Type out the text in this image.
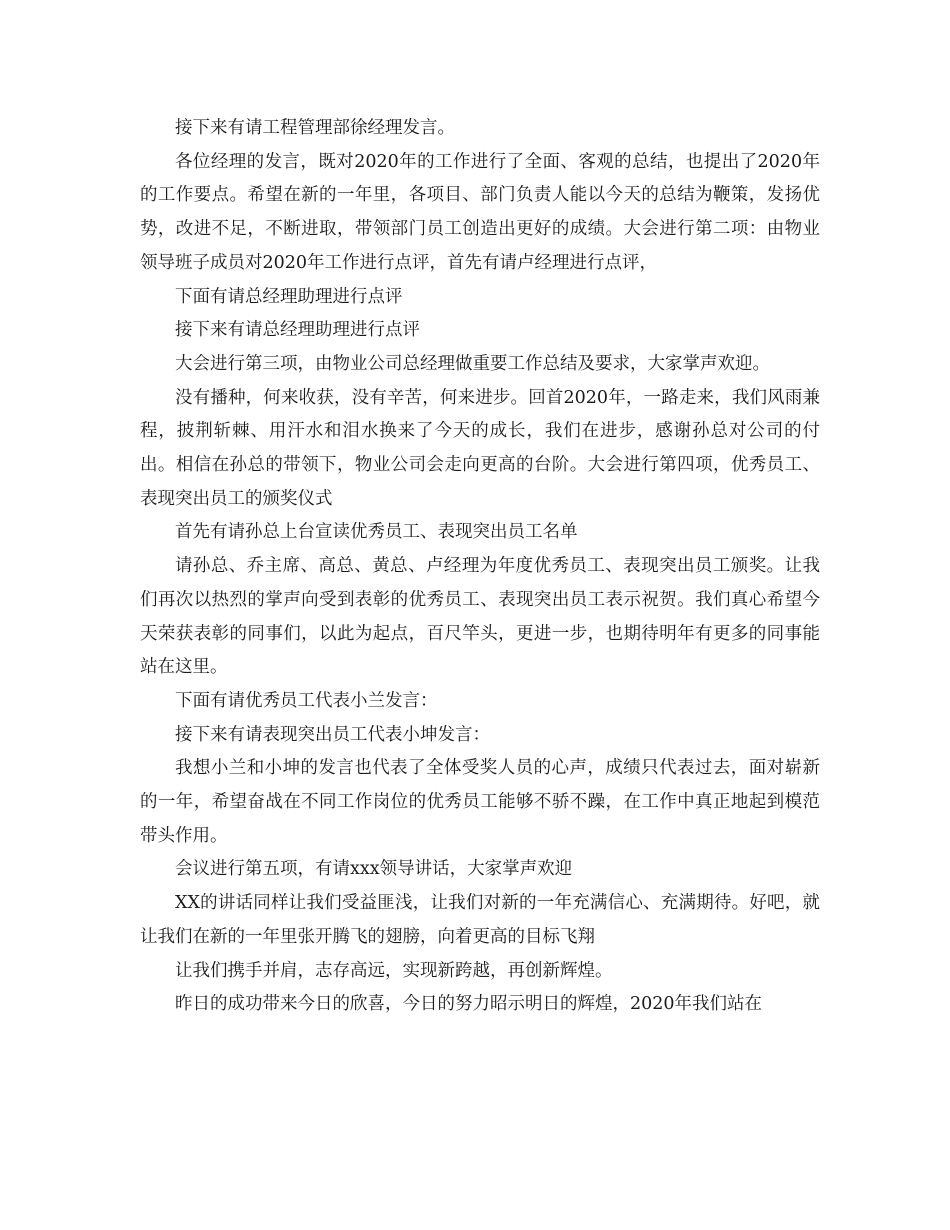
接下来有请工程管理部徐经理发言。

各位经理的发言，既对2020年的工作进行了全面、客观的总结，也提出了2020年的工作要点。希望在新的一年里，各项目、部门负责人能以今天的总结为鞭策，发扬优势，改进不足，不断进取，带领部门员工创造出更好的成绩。大会进行第二项：由物业领导班子成员对2020年工作进行点评，首先有请卢经理进行点评，

下面有请总经理助理进行点评

接下来有请总经理助理进行点评

大会进行第三项，由物业公司总经理做重要工作总结及要求，大家掌声欢迎。

没有播种，何来收获，没有辛苦，何来进步。回首2020年，一路走来，我们风雨兼程，披荆斩棘、用汗水和泪水换来了今天的成长，我们在进步，感谢孙总对公司的付出。相信在孙总的带领下，物业公司会走向更高的台阶。大会进行第四项，优秀员工、表现突出员工的颁奖仪式

首先有请孙总上台宣读优秀员工、表现突出员工名单

请孙总、乔主席、高总、黄总、卢经理为年度优秀员工、表现突出员工颁奖。让我们再次以热烈的掌声向受到表彰的优秀员工、表现突出员工表示祝贺。我们真心希望今天荣获表彰的同事们，以此为起点，百尺竿头，更进一步，也期待明年有更多的同事能站在这里。

下面有请优秀员工代表小兰发言：

接下来有请表现突出员工代表小坤发言：

我想小兰和小坤的发言也代表了全体受奖人员的心声，成绩只代表过去，面对崭新的一年，希望奋战在不同工作岗位的优秀员工能够不骄不躁，在工作中真正地起到模范带头作用。

会议进行第五项，有请xxx领导讲话，大家掌声欢迎

XX的讲话同样让我们受益匪浅，让我们对新的一年充满信心、充满期待。好吧，就让我们在新的一年里张开腾飞的翅膀，向着更高的目标飞翔

让我们携手并肩，志存高远，实现新跨越，再创新辉煌。

昨日的成功带来今日的欣喜，今日的努力昭示明日的辉煌，2020年我们站在
